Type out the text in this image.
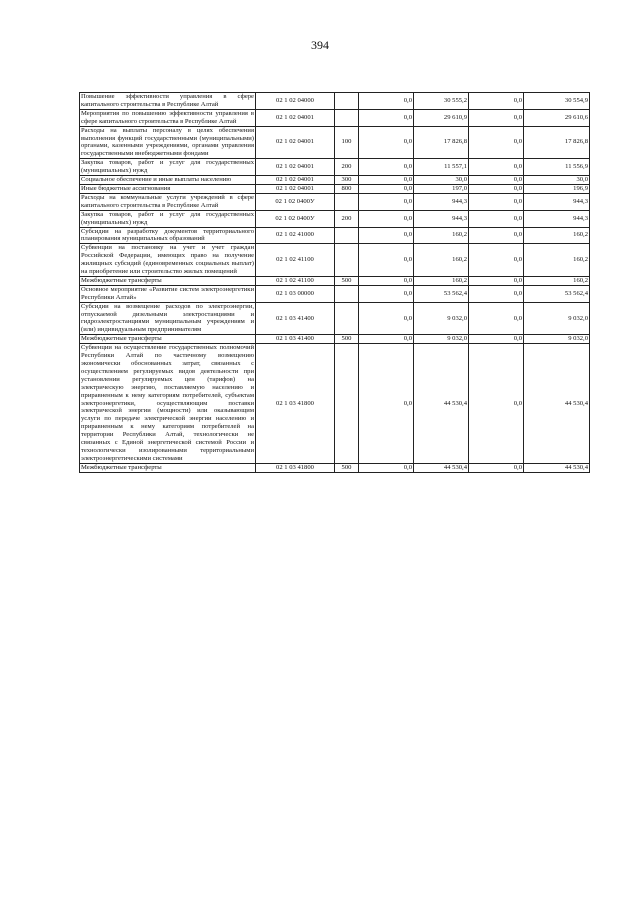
394
Повышение эффективности управления в сфере капитального строительства в Республике Алтай	02 1 02 04000		0,0	30 555,2	0,0	30 554,9
Мероприятия по повышению эффективности управления в сфере капитального строительства в Республике Алтай	02 1 02 04001		0,0	29 610,9	0,0	29 610,6
Расходы на выплаты персоналу в целях обеспечения выполнения функций государственными (муниципальными) органами, казенными учреждениями, органами управления государственными внебюджетными фондами	02 1 02 04001	100	0,0	17 826,8	0,0	17 826,8
Закупка товаров, работ и услуг для государственных (муниципальных) нужд	02 1 02 04001	200	0,0	11 557,1	0,0	11 556,9
Социальное обеспечение и иные выплаты населению	02 1 02 04001	300	0,0	30,0	0,0	30,0
Иные бюджетные ассигнования	02 1 02 04001	800	0,0	197,0	0,0	196,9
Расходы на коммунальные услуги учреждений в сфере капитального строительства в Республике Алтай	02 1 02 0400У		0,0	944,3	0,0	944,3
Закупка товаров, работ и услуг для государственных (муниципальных) нужд	02 1 02 0400У	200	0,0	944,3	0,0	944,3
Субсидии на разработку документов территориального планирования муниципальных образований	02 1 02 41000		0,0	160,2	0,0	160,2
Субвенции на постановку на учет и учет граждан Российской Федерации, имеющих право на получение жилищных субсидий (единовременных социальных выплат) на приобретение или строительство жилых помещений	02 1 02 41100		0,0	160,2	0,0	160,2
Межбюджетные трансферты	02 1 02 41100	500	0,0	160,2	0,0	160,2
Основное мероприятие «Развитие систем электроэнергетики Республики Алтай»	02 1 03 00000		0,0	53 562,4	0,0	53 562,4
Субсидии на возмещение расходов по электроэнергии, отпускаемой дизельными электростанциями и гидроэлектростанциями муниципальным учреждениям и (или) индивидуальным предпринимателям	02 1 03 41400		0,0	9 032,0	0,0	9 032,0
Межбюджетные трансферты	02 1 03 41400	500	0,0	9 032,0	0,0	9 032,0
Субвенции на осуществление государственных полномочий Республики Алтай по частичному возмещению экономически обоснованных затрат, связанных с осуществлением регулируемых видов деятельности при установлении регулируемых цен (тарифов) на электрическую энергию, поставляемую населению и приравненным к нему категориям потребителей, субъектам электроэнергетики, осуществляющим поставки электрической энергии (мощности) или оказывающим услуги по передаче электрической энергии населению и приравненным к нему категориям потребителей на территории Республики Алтай, технологически не связанных с Единой энергетической системой России и технологически изолированными территориальными электроэнергетическими системами	02 1 03 41800		0,0	44 530,4	0,0	44 530,4
Межбюджетные трансферты	02 1 03 41800	500	0,0	44 530,4	0,0	44 530,4
